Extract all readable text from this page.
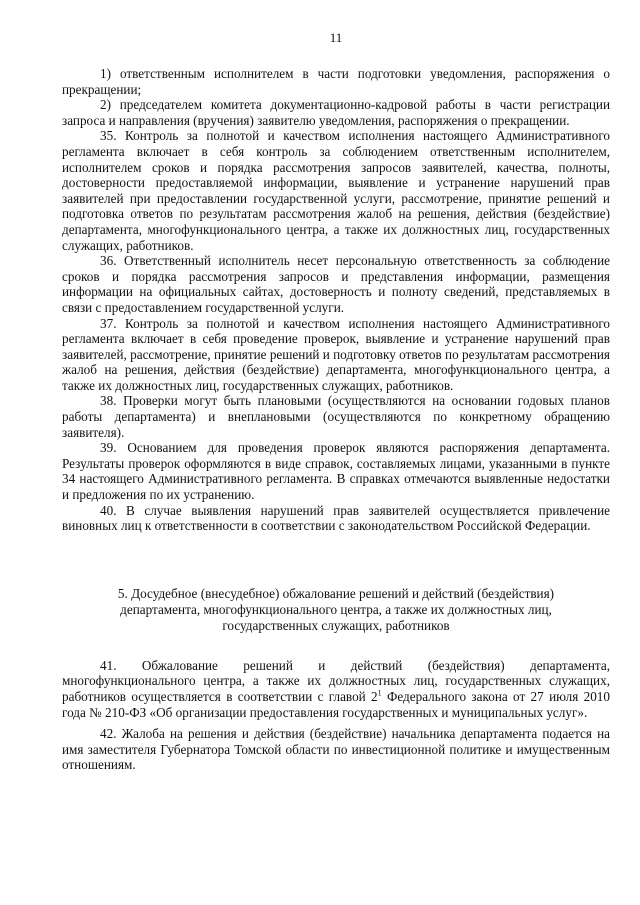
11

1) ответственным исполнителем в части подготовки уведомления, распоряжения о прекращении;

2) председателем комитета документационно-кадровой работы в части регистрации запроса и направления (вручения) заявителю уведомления, распоряжения о прекращении.

35. Контроль за полнотой и качеством исполнения настоящего Административного регламента включает в себя контроль за соблюдением ответственным исполнителем, исполнителем сроков и порядка рассмотрения запросов заявителей, качества, полноты, достоверности предоставляемой информации, выявление и устранение нарушений прав заявителей при предоставлении государственной услуги, рассмотрение, принятие решений и подготовка ответов по результатам рассмотрения жалоб на решения, действия (бездействие) департамента, многофункционального центра, а также их должностных лиц, государственных служащих, работников.

36. Ответственный исполнитель несет персональную ответственность за соблюдение сроков и порядка рассмотрения запросов и представления информации, размещения информации на официальных сайтах, достоверность и полноту сведений, представляемых в связи с предоставлением государственной услуги.

37. Контроль за полнотой и качеством исполнения настоящего Административного регламента включает в себя проведение проверок, выявление и устранение нарушений прав заявителей, рассмотрение, принятие решений и подготовку ответов по результатам рассмотрения жалоб на решения, действия (бездействие) департамента, многофункционального центра, а также их должностных лиц, государственных служащих, работников.

38. Проверки могут быть плановыми (осуществляются на основании годовых планов работы департамента) и внеплановыми (осуществляются по конкретному обращению заявителя).

39. Основанием для проведения проверок являются распоряжения департамента. Результаты проверок оформляются в виде справок, составляемых лицами, указанными в пункте 34 настоящего Административного регламента. В справках отмечаются выявленные недостатки и предложения по их устранению.

40. В случае выявления нарушений прав заявителей осуществляется привлечение виновных лиц к ответственности в соответствии с законодательством Российской Федерации.

5. Досудебное (внесудебное) обжалование решений и действий (бездействия)
департамента, многофункционального центра, а также их должностных лиц,
государственных служащих, работников

41. Обжалование решений и действий (бездействия) департамента, многофункционального центра, а также их должностных лиц, государственных служащих, работников осуществляется в соответствии с главой $2^1$ Федерального закона от 27 июля 2010 года № 210-ФЗ «Об организации предоставления государственных и муниципальных услуг».

42. Жалоба на решения и действия (бездействие) начальника департамента подается на имя заместителя Губернатора Томской области по инвестиционной политике и имущественным отношениям.
